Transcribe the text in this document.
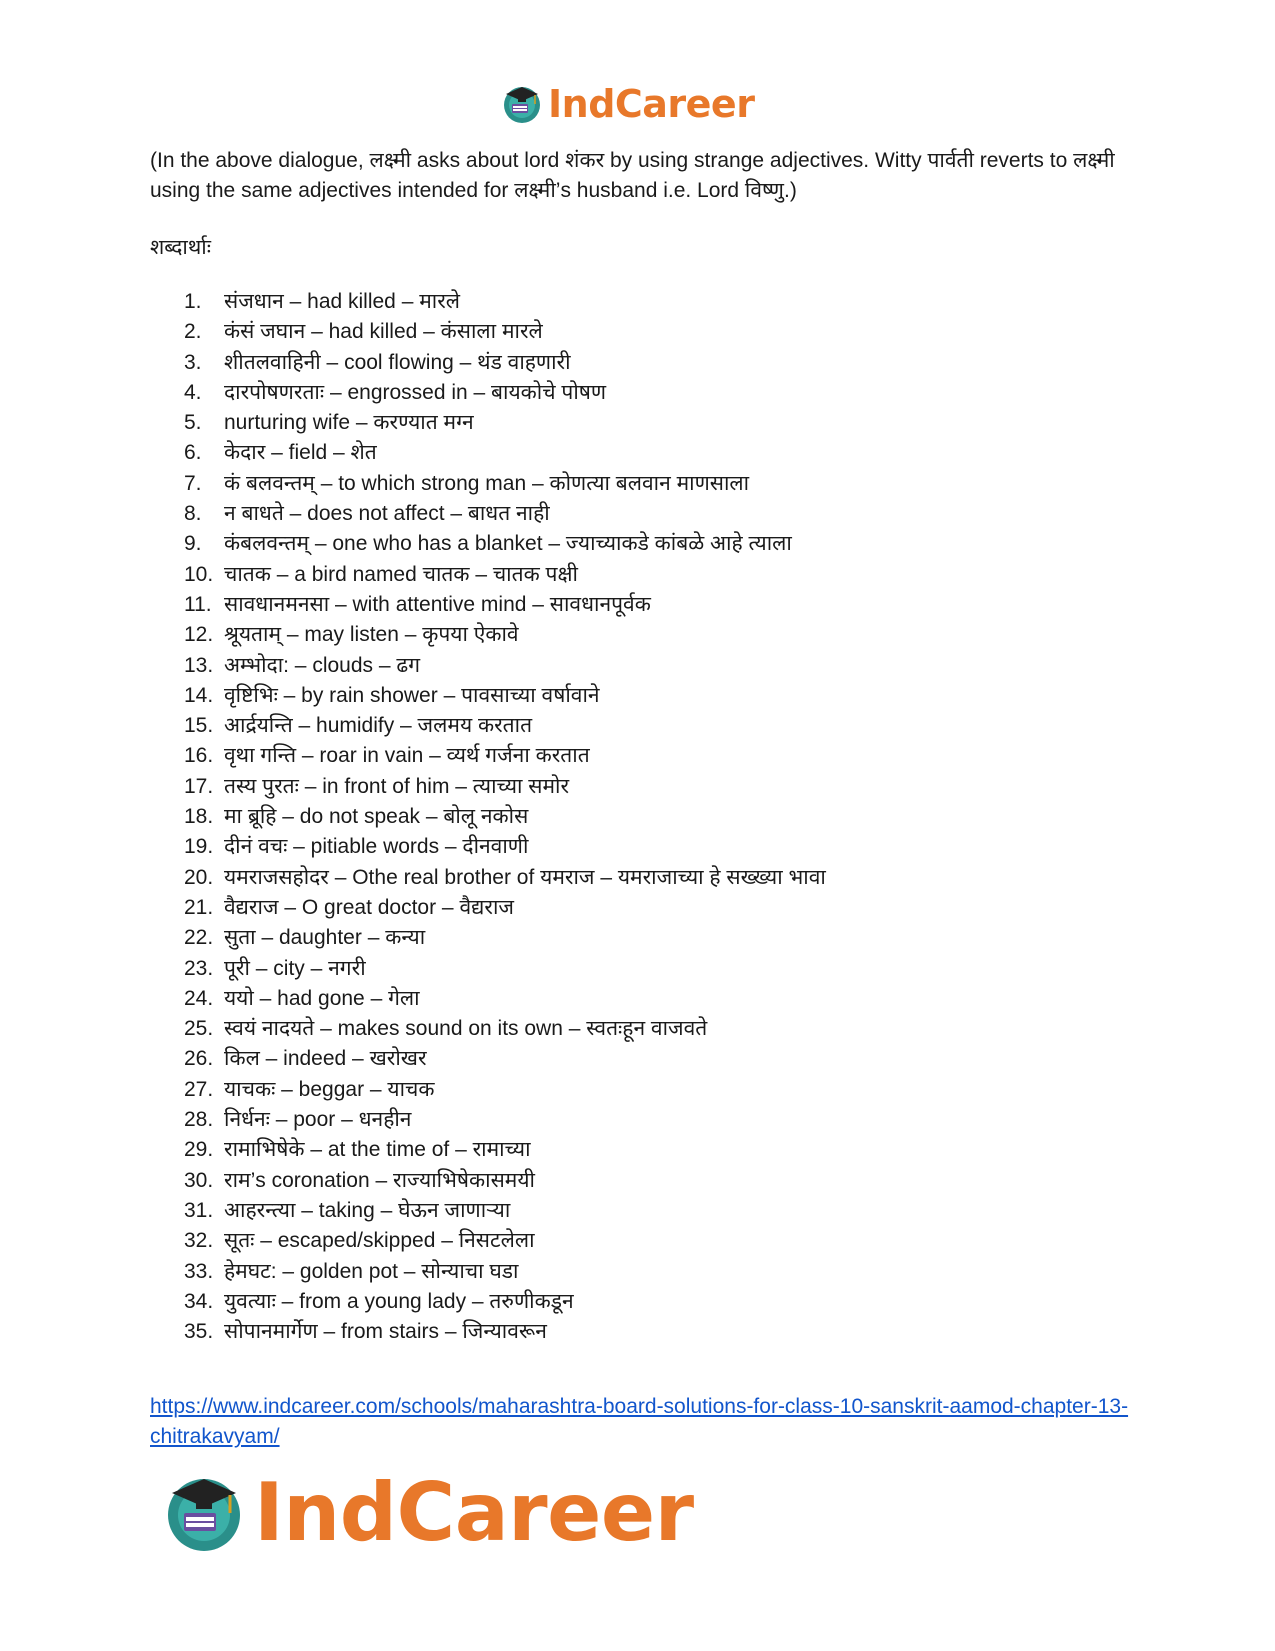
IndCareer

(In the above dialogue, लक्ष्मी asks about lord शंकर by using strange adjectives. Witty पार्वती reverts to लक्ष्मी using the same adjectives intended for लक्ष्मी’s husband i.e. Lord विष्णु.)

शब्दार्थाः

1.	संजधान – had killed – मारले
2.	कंसं जघान – had killed – कंसाला मारले
3.	शीतलवाहिनी – cool flowing – थंड वाहणारी
4.	दारपोषणरताः – engrossed in – बायकोचे पोषण
5.	nurturing wife – करण्यात मग्न
6.	केदार – field – शेत
7.	कं बलवन्तम् – to which strong man – कोणत्या बलवान माणसाला
8.	न बाधते – does not affect – बाधत नाही
9.	कंबलवन्तम् – one who has a blanket – ज्याच्याकडे कांबळे आहे त्याला
10. चातक – a bird named चातक – चातक पक्षी
11. सावधानमनसा – with attentive mind – सावधानपूर्वक
12. श्रूयताम् – may listen – कृपया ऐकावे
13. अम्भोदा: – clouds – ढग
14. वृष्टिभिः – by rain shower – पावसाच्या वर्षावाने
15. आर्द्रयन्ति – humidify – जलमय करतात
16. वृथा गन्ति – roar in vain – व्यर्थ गर्जना करतात
17. तस्य पुरतः – in front of him – त्याच्या समोर
18. मा ब्रूहि – do not speak – बोलू नकोस
19. दीनं वचः – pitiable words – दीनवाणी
20. यमराजसहोदर – Othe real brother of यमराज – यमराजाच्या हे सख्ख्या भावा
21. वैद्यराज – O great doctor – वैद्यराज
22. सुता – daughter – कन्या
23. पूरी – city – नगरी
24. ययो – had gone – गेला
25. स्वयं नादयते – makes sound on its own – स्वतःहून वाजवते
26. किल – indeed – खरोखर
27. याचकः – beggar – याचक
28. निर्धनः – poor – धनहीन
29. रामाभिषेके – at the time of – रामाच्या
30. राम’s coronation – राज्याभिषेकासमयी
31. आहरन्त्या – taking – घेऊन जाणाऱ्या
32. सूतः – escaped/skipped – निसटलेला
33. हेमघट: – golden pot – सोन्याचा घडा
34. युवत्याः – from a young lady – तरुणीकडून
35. सोपानमार्गेण – from stairs – जिन्यावरून
https://www.indcareer.com/schools/maharashtra-board-solutions-for-class-10-sanskrit-aamod-chapter-13-chitrakavyam/
IndCareer
